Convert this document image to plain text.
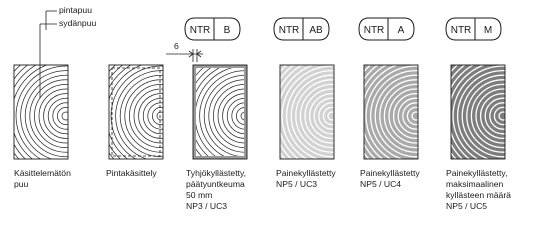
NTR B	NTR AB	NTR A	NTR M
pintapuu
sydänpuu
6
Käsittelemätön
puu
Pintakäsittely	Tyhjökyllästetty,
päätyuntkeuma
50 mm
NP3 / UC3
Painekyllästetty
NP5 / UC3
Painekyllästetty
NP5 / UC4
Painekyllästetty,
maksimaalinen
kyllästeen määrä
NP5 / UC5
